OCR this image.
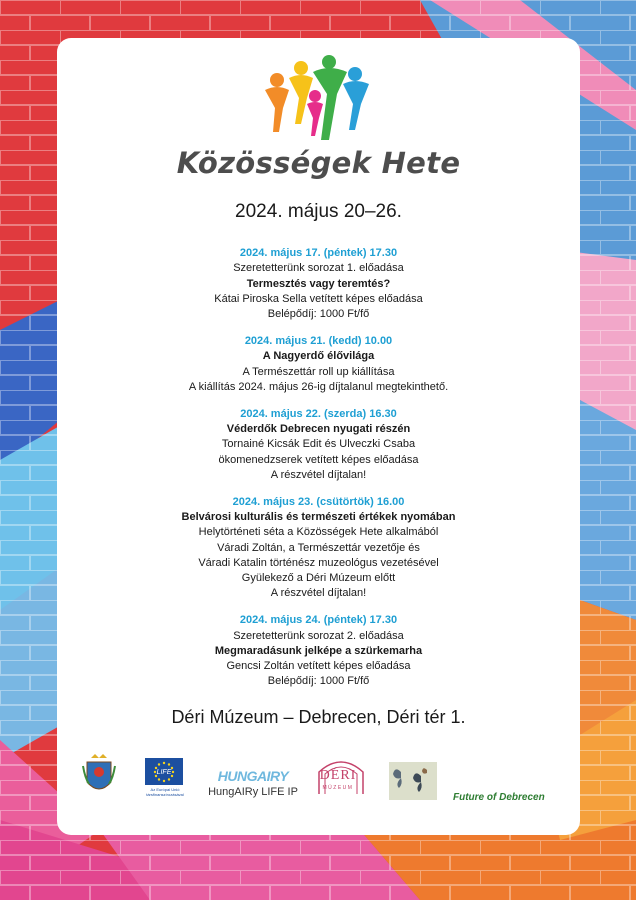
Közösségek Hete
2024. május 20–26.
2024. május 17. (péntek) 17.30
Szeretetterünk sorozat 1. előadása
Termesztés vagy teremtés?
Kátai Piroska Sella vetített képes előadása
Belépődíj: 1000 Ft/fő
2024. május 21. (kedd) 10.00
A Nagyerdő élővilága
A Természettár roll up kiállítása
A kiállítás 2024. május 26-ig díjtalanul megtekinthető.
2024. május 22. (szerda) 16.30
Véderdők Debrecen nyugati részén
Tornainé Kicsák Edit és Ulveczki Csaba
ökomenedzserek vetített képes előadása
A részvétel díjtalan!
2024. május 23. (csütörtök) 16.00
Belvárosi kulturális és természeti értékek nyomában
Helytörténeti séta a Közösségek Hete alkalmából
Váradi Zoltán, a Természettár vezetője és
Váradi Katalin történész muzeológus vezetésével
Gyülekező a Déri Múzeum előtt
A részvétel díjtalan!
2024. május 24. (péntek) 17.30
Szeretetterünk sorozat 2. előadása
Megmaradásunk jelképe a szürkemarha
Gencsi Zoltán vetített képes előadása
Belépődíj: 1000 Ft/fő
Déri Múzeum – Debrecen, Déri tér 1.
LIFE
Az Európai Unió társfinanszírozásával
HUNGAIRY
HungAIRy LIFE IP
DÉRI
MÚZEUM
Future of Debrecen
